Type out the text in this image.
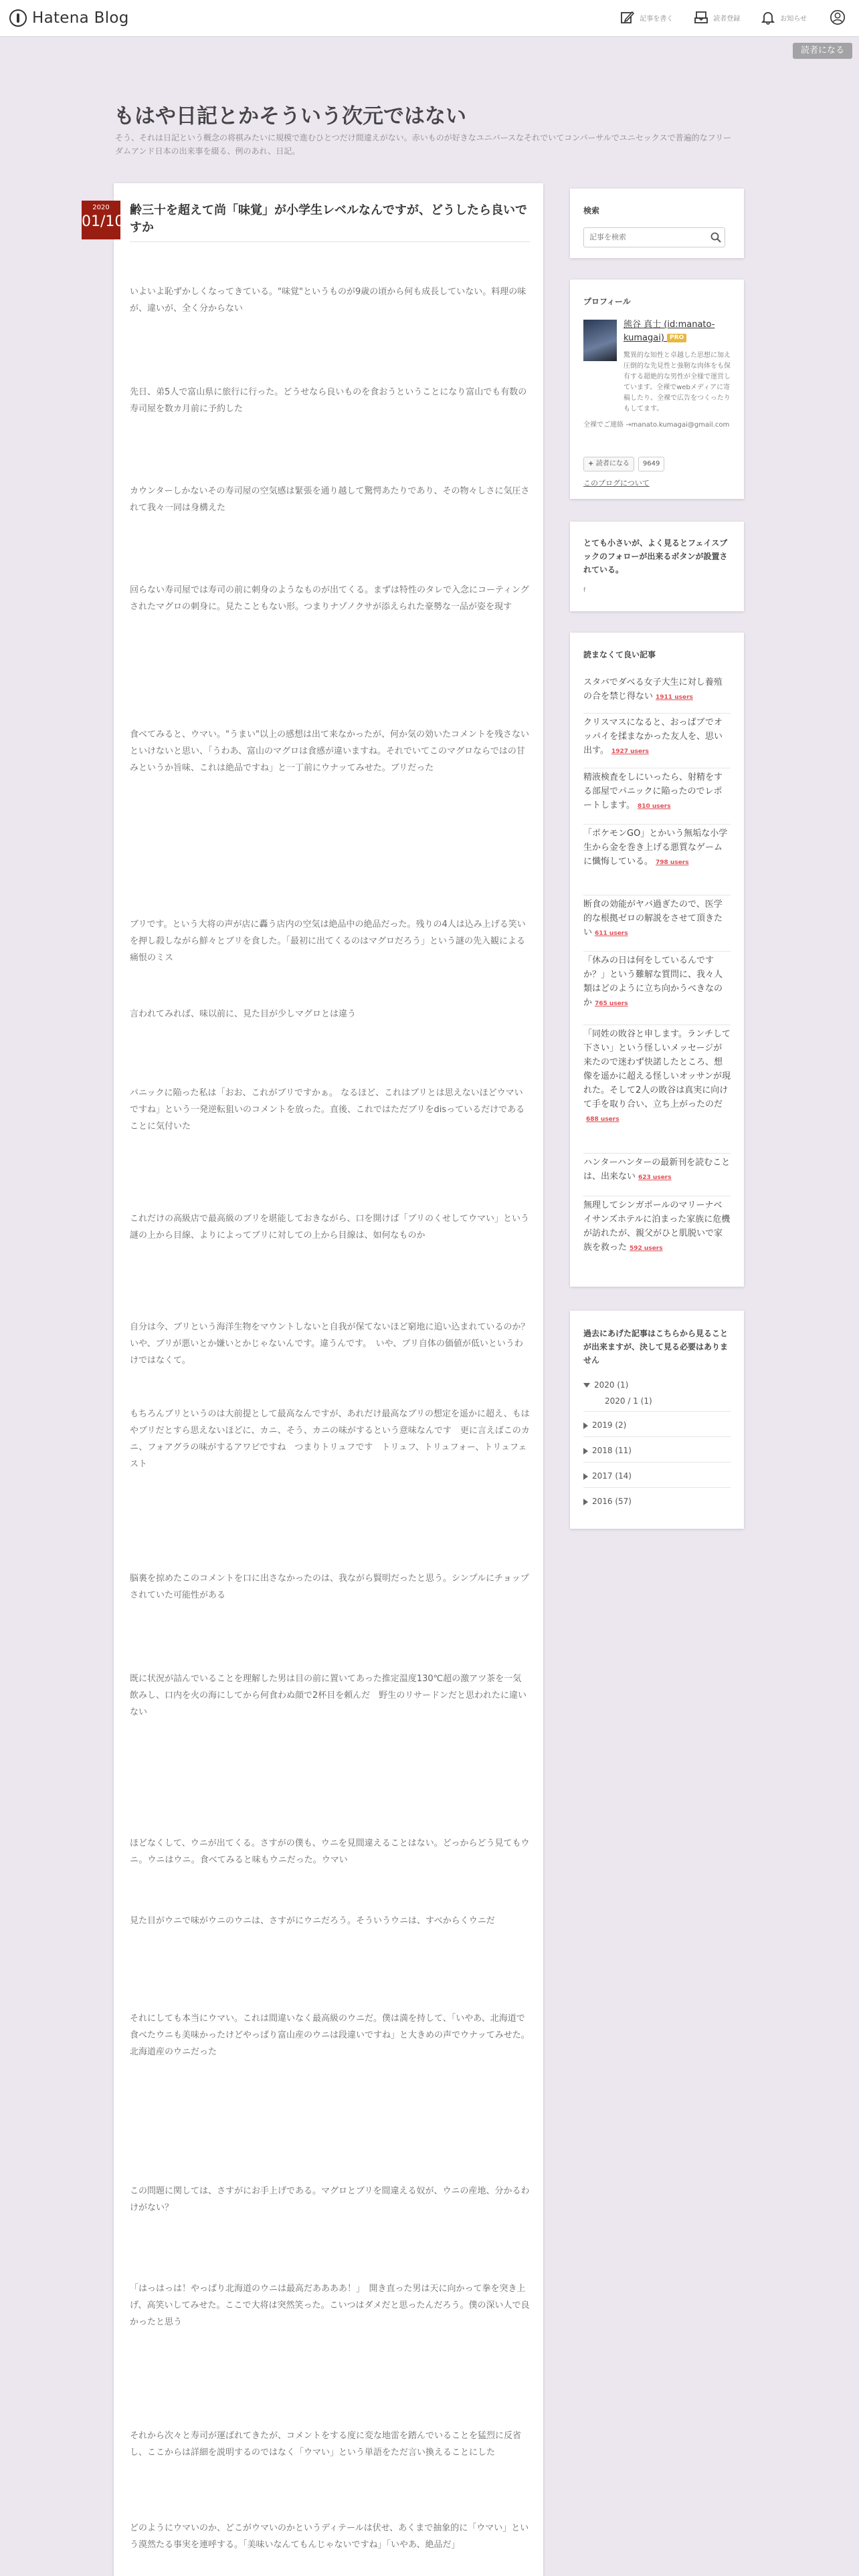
Hatena Blog	記事を書く	読者登録	お知らせ
読者になる
もはや日記とかそういう次元ではない
そう、それは日記という概念の将棋みたいに規模で進むひとつだけ間違えがない。赤いものが好きなユニバースなそれでいてコンパーサルでユニセックスで普遍的なフリーダムアンド日本の出来事を綴る、例のあれ、日記。
2020
01/10
齢三十を超えて尚「味覚」が小学生レベルなんですが、どうしたら良いですか

いよいよ恥ずかしくなってきている。"味覚"というものが9歳の頃から何も成長していない。料理の味が、違いが、全く分からない

先日、弟5人で富山県に旅行に行った。どうせなら良いものを食おうということになり富山でも有数の寿司屋を数カ月前に予約した

カウンターしかないその寿司屋の空気感は緊張を通り越して驚愕あたりであり、その物々しさに気圧されて我々一同は身構えた

回らない寿司屋では寿司の前に刺身のようなものが出てくる。まずは特性のタレで入念にコーティングされたマグロの刺身に。見たこともない形。つまりナゾノクサが添えられた豪勢な一品が姿を現す

食べてみると、ウマい。"うまい"以上の感想は出て来なかったが、何か気の効いたコメントを残さないといけないと思い、「うわあ、富山のマグロは食感が違いますね。それでいてこのマグロならではの甘みというか旨味、これは絶品ですね」と一丁前にウナッてみせた。ブリだった

ブリです。という大将の声が店に轟う店内の空気は絶品中の絶品だった。残りの4人は込み上げる笑いを押し殺しながら鮮々とブリを食した。「最初に出てくるのはマグロだろう」という謎の先入観による痛恨のミス

言われてみれば、味以前に、見た目が少しマグロとは違う

パニックに陥った私は「おお、これがブリですかぁ。 なるほど、これはブリとは思えないほどウマいですね」という一発逆転狙いのコメントを放った。直後、これではただブリをdisっているだけであることに気付いた

これだけの高級店で最高級のブリを堪能しておきながら、口を開けば「ブリのくせしてウマい」という謎の上から目線、よりによってブリに対しての上から目線は、如何なものか

自分は今、ブリという海洋生物をマウントしないと自我が保てないほど窮地に追い込まれているのか？ いや、ブリが悪いとか嫌いとかじゃないんです。違うんです。　いや、ブリ自体の価値が低いというわけではなくて。

もちろんブリというのは大前提として最高なんですが、あれだけ最高なブリの想定を遥かに超え、もはやブリだとすら思えないほどに、カニ、そう、カニの味がするという意味なんです　更に言えばこのカニ、フォアグラの味がするアワビですね　つまりトリュフです　トリュフ、トリュフォー、トリュフェスト

脳裏を掠めたこのコメントを口に出さなかったのは、我ながら賢明だったと思う。シンプルにチョップされていた可能性がある

既に状況が詰んでいることを理解した男は目の前に置いてあった推定温度130℃超の激アツ茶を一気飲みし、口内を火の海にしてから何食わぬ顔で2杯目を頼んだ　野生のリサードンだと思われたに違いない

ほどなくして、ウニが出てくる。さすがの僕も、ウニを見間違えることはない。どっからどう見てもウニ。ウニはウニ。食べてみると味もウニだった。ウマい

見た目がウニで味がウニのウニは、さすがにウニだろう。そういうウニは、すべからくウニだ

それにしても本当にウマい。これは間違いなく最高級のウニだ。僕は満を持して、「いやあ、北海道で食べたウニも美味かったけどやっぱり富山産のウニは段違いですね」と大きめの声でウナッてみせた。北海道産のウニだった

この問題に関しては、さすがにお手上げである。マグロとブリを間違える奴が、ウニの産地、分かるわけがない？

「はっはっは！やっぱり北海道のウニは最高だああああ！」　開き直った男は天に向かって拳を突き上げ、高笑いしてみせた。ここで大将は突然笑った。こいつはダメだと思ったんだろう。僕の深い人で良かったと思う

それから次々と寿司が運ばれてきたが、コメントをする度に変な地雷を踏んでいることを猛烈に反省し、ここからは詳細を説明するのではなく「ウマい」という単語をただ言い換えることにした

どのようにウマいのか、どこがウマいのかというディテールは伏せ、あくまで抽象的に「ウマい」という漠然たる事実を連呼する。「美味いなんてもんじゃないですね」「いやあ、絶品だ」

検索
記事を検索
プロフィール
熊谷 真士 (id:manato-kumagai) PRO
驚異的な知性と卓越した思想に加え圧倒的な先見性と強靭な肉体をも保有する超絶的な男性が全様で運営しています。全裸でwebメディアに寄稿したり、全裸で広告をつくったりもしてます。
全裸でご連絡 →manato.kumagai@gmail.com
+ 読者になる	9649
このブログについて
とても小さいが、よく見るとフェイスブックのフォローが出来るボタンが設置されている。
f
読まなくて良い記事
スタバでダべる女子大生に対し養殖の合を禁じ得ない 1911 users
クリスマスになると、おっぱブでオッパイを揉まなかった友人を、思い出す。 1927 users
精液検査をしにいったら、射精をする部屋でパニックに陥ったのでレポートします。 810 users
「ポケモンGO」とかいう無垢な小学生から金を巻き上げる悪質なゲームに懺悔している。 798 users
断食の効能がヤバ過ぎたので、医学的な根拠ゼロの解説をさせて頂きたい 611 users
「休みの日は何をしているんですか？」という難解な質問に、我々人類はどのように立ち向かうべきなのか 765 users
「同姓の敗谷と申します。ランチして下さい」という怪しいメッセージが来たので迷わず快諾したところ、想像を遥かに超える怪しいオッサンが現れた。そして2人の敗谷は真実に向けて手を取り合い、立ち上がったのだ688 users
ハンターハンターの最新刊を読むことは、出来ない 623 users
無理してシンガポールのマリーナベイサンズホテルに泊まった家族に危機が訪れたが、親父がひと肌脱いで家族を救った 592 users
過去にあげた記事はこちらから見ることが出来ますが、決して見る必要はありません
2020 (1)
2020 / 1 (1)
2019 (2)
2018 (11)
2017 (14)
2016 (57)
